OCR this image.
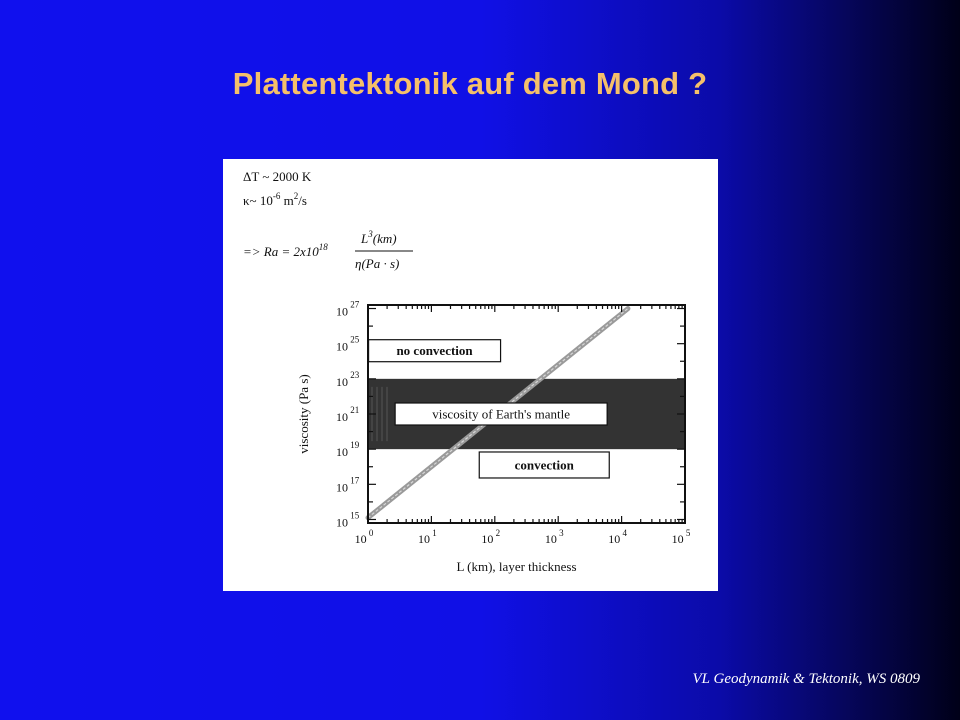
Plattentektonik auf dem Mond ?
ΔT ~ 2000 K
κ~ $10^{-6}$ $m^2/s$
=> $Ra = 2x10^{18}$
$L^3(km)$
η(Pa · s)
10 $^0$	10 $^1$	10 $^2$	10 $^3$	10 $^4$	10 $^5$
10 $^{15}$
10 $^{17}$
10 $^{19}$
10 $^{21}$
10 $^{23}$
10 $^{25}$
10 $^{27}$
no convection
viscosity of Earth's mantle
convection
L (km), layer thickness
viscosity (Pa s)
VL Geodynamik & Tektonik, WS 0809
